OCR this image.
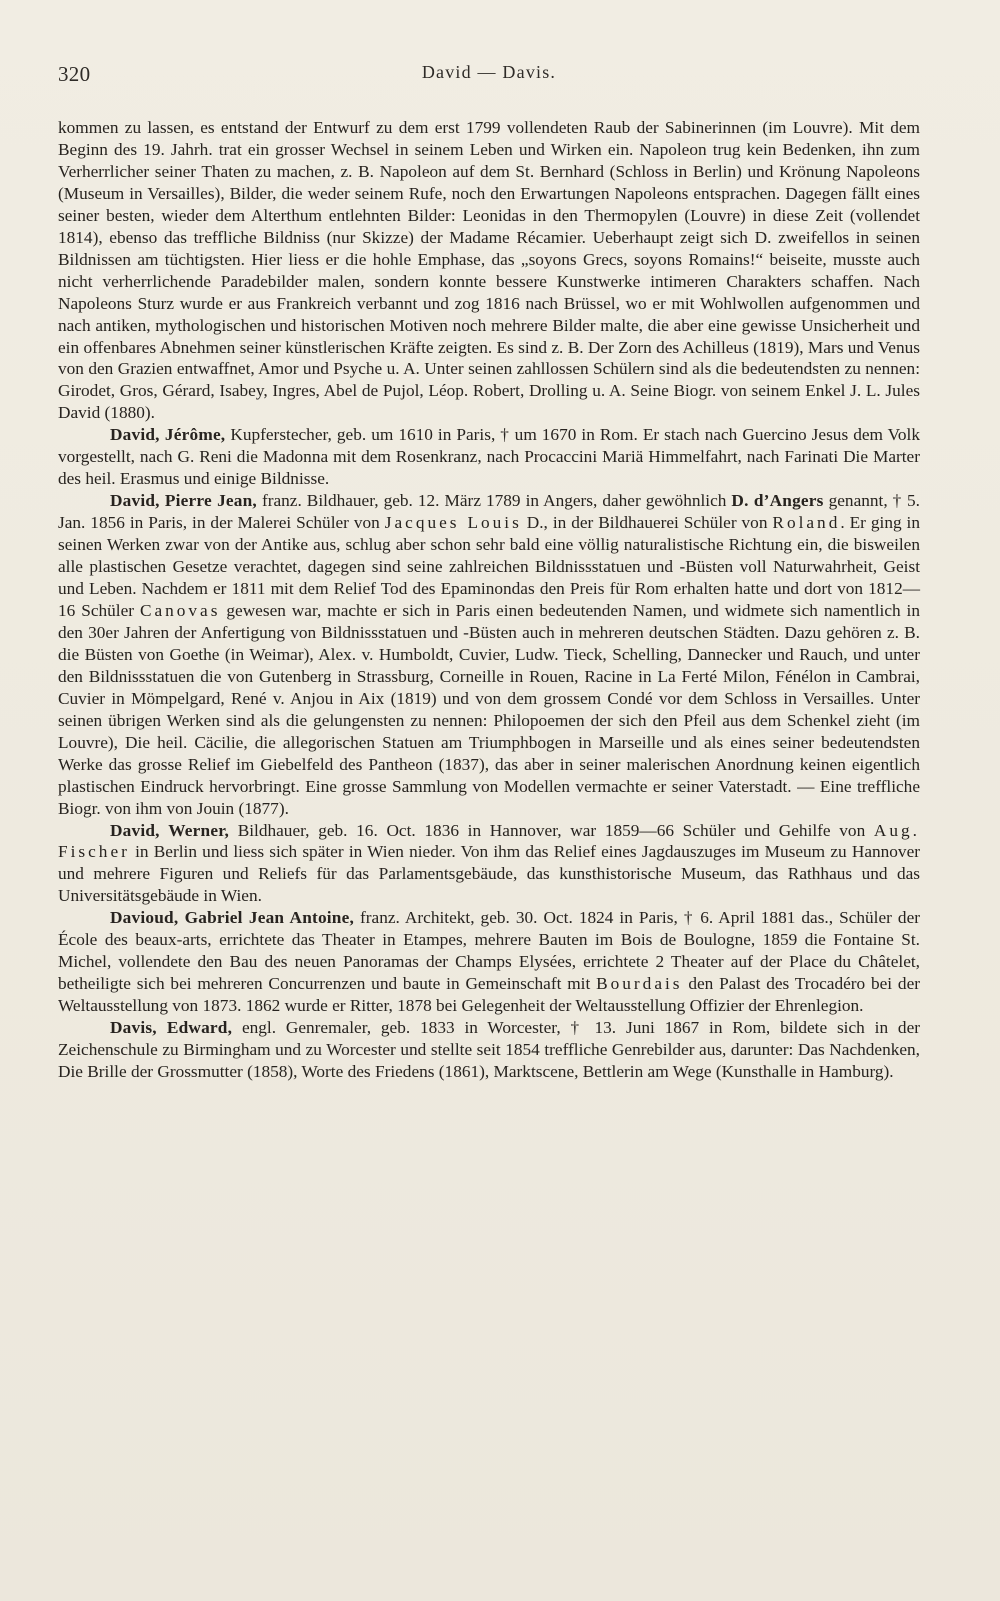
320	David — Davis.

kommen zu lassen, es entstand der Entwurf zu dem erst 1799 vollendeten Raub der Sabinerinnen (im Louvre). Mit dem Beginn des 19. Jahrh. trat ein grosser Wechsel in seinem Leben und Wirken ein. Napoleon trug kein Bedenken, ihn zum Verherrlicher seiner Thaten zu machen, z. B. Napoleon auf dem St. Bernhard (Schloss in Berlin) und Krönung Napoleons (Museum in Versailles), Bilder, die weder seinem Rufe, noch den Erwartungen Napoleons entsprachen. Dagegen fällt eines seiner besten, wieder dem Alterthum entlehnten Bilder: Leonidas in den Thermopylen (Louvre) in diese Zeit (vollendet 1814), ebenso das treffliche Bildniss (nur Skizze) der Madame Récamier. Ueberhaupt zeigt sich D. zweifellos in seinen Bildnissen am tüchtigsten. Hier liess er die hohle Emphase, das „soyons Grecs, soyons Romains!“ beiseite, musste auch nicht verherrlichende Paradebilder malen, sondern konnte bessere Kunstwerke intimeren Charakters schaffen. Nach Napoleons Sturz wurde er aus Frankreich verbannt und zog 1816 nach Brüssel, wo er mit Wohlwollen aufgenommen und nach antiken, mythologischen und historischen Motiven noch mehrere Bilder malte, die aber eine gewisse Unsicherheit und ein offenbares Abnehmen seiner künstlerischen Kräfte zeigten. Es sind z. B. Der Zorn des Achilleus (1819), Mars und Venus von den Grazien entwaffnet, Amor und Psyche u. A. Unter seinen zahllossen Schülern sind als die bedeutendsten zu nennen: Girodet, Gros, Gérard, Isabey, Ingres, Abel de Pujol, Léop. Robert, Drolling u. A. Seine Biogr. von seinem Enkel J. L. Jules David (1880).

David, Jérôme, Kupferstecher, geb. um 1610 in Paris, † um 1670 in Rom. Er stach nach Guercino Jesus dem Volk vorgestellt, nach G. Reni die Madonna mit dem Rosenkranz, nach Procaccini Mariä Himmelfahrt, nach Farinati Die Marter des heil. Erasmus und einige Bildnisse.

David, Pierre Jean, franz. Bildhauer, geb. 12. März 1789 in Angers, daher gewöhnlich D. d’Angers genannt, † 5. Jan. 1856 in Paris, in der Malerei Schüler von Jacques Louis D., in der Bildhauerei Schüler von Roland. Er ging in seinen Werken zwar von der Antike aus, schlug aber schon sehr bald eine völlig naturalistische Richtung ein, die bisweilen alle plastischen Gesetze verachtet, dagegen sind seine zahlreichen Bildnissstatuen und -Büsten voll Naturwahrheit, Geist und Leben. Nachdem er 1811 mit dem Relief Tod des Epaminondas den Preis für Rom erhalten hatte und dort von 1812—16 Schüler Canovas gewesen war, machte er sich in Paris einen bedeutenden Namen, und widmete sich namentlich in den 30er Jahren der Anfertigung von Bildnissstatuen und -Büsten auch in mehreren deutschen Städten. Dazu gehören z. B. die Büsten von Goethe (in Weimar), Alex. v. Humboldt, Cuvier, Ludw. Tieck, Schelling, Dannecker und Rauch, und unter den Bildnissstatuen die von Gutenberg in Strassburg, Corneille in Rouen, Racine in La Ferté Milon, Fénélon in Cambrai, Cuvier in Mömpelgard, René v. Anjou in Aix (1819) und von dem grossem Condé vor dem Schloss in Versailles. Unter seinen übrigen Werken sind als die gelungensten zu nennen: Philopoemen der sich den Pfeil aus dem Schenkel zieht (im Louvre), Die heil. Cäcilie, die allegorischen Statuen am Triumphbogen in Marseille und als eines seiner bedeutendsten Werke das grosse Relief im Giebelfeld des Pantheon (1837), das aber in seiner malerischen Anordnung keinen eigentlich plastischen Eindruck hervorbringt. Eine grosse Sammlung von Modellen vermachte er seiner Vaterstadt. — Eine treffliche Biogr. von ihm von Jouin (1877).

David, Werner, Bildhauer, geb. 16. Oct. 1836 in Hannover, war 1859—66 Schüler und Gehilfe von Aug. Fischer in Berlin und liess sich später in Wien nieder. Von ihm das Relief eines Jagdauszuges im Museum zu Hannover und mehrere Figuren und Reliefs für das Parlamentsgebäude, das kunsthistorische Museum, das Rathhaus und das Universitätsgebäude in Wien.

Davioud, Gabriel Jean Antoine, franz. Architekt, geb. 30. Oct. 1824 in Paris, † 6. April 1881 das., Schüler der École des beaux-arts, errichtete das Theater in Etampes, mehrere Bauten im Bois de Boulogne, 1859 die Fontaine St. Michel, vollendete den Bau des neuen Panoramas der Champs Elysées, errichtete 2 Theater auf der Place du Châtelet, betheiligte sich bei mehreren Concurrenzen und baute in Gemeinschaft mit Bourdais den Palast des Trocadéro bei der Weltausstellung von 1873. 1862 wurde er Ritter, 1878 bei Gelegenheit der Weltausstellung Offizier der Ehrenlegion.

Davis, Edward, engl. Genremaler, geb. 1833 in Worcester, † 13. Juni 1867 in Rom, bildete sich in der Zeichenschule zu Birmingham und zu Worcester und stellte seit 1854 treffliche Genrebilder aus, darunter: Das Nachdenken, Die Brille der Grossmutter (1858), Worte des Friedens (1861), Marktscene, Bettlerin am Wege (Kunsthalle in Hamburg).
